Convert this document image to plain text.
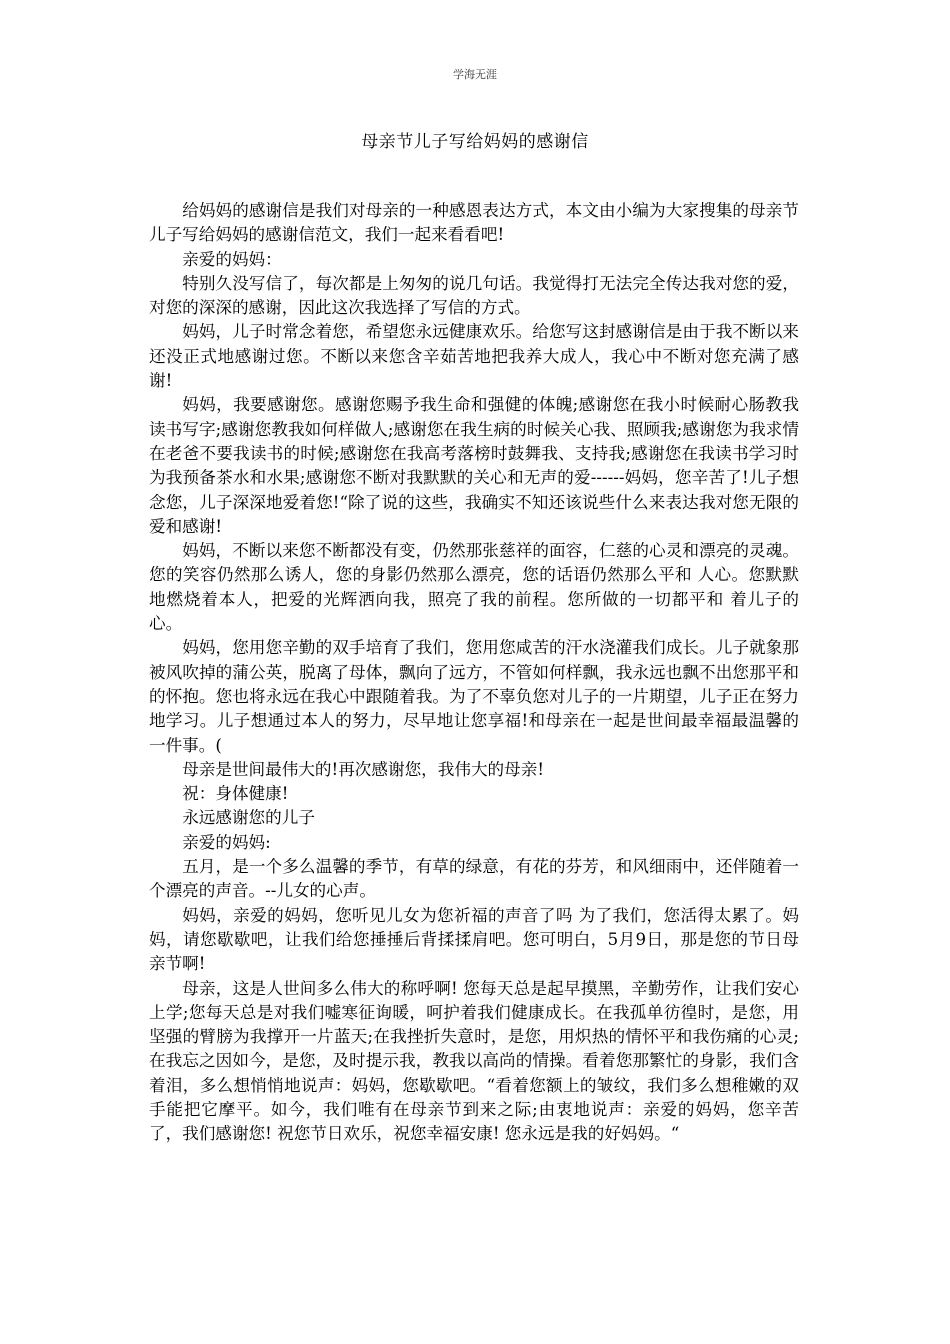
学海无涯
母亲节儿子写给妈妈的感谢信

给妈妈的感谢信是我们对母亲的一种感恩表达方式，本文由小编为大家搜集的母亲节儿子写给妈妈的感谢信范文，我们一起来看看吧!

亲爱的妈妈：

特别久没写信了，每次都是上匆匆的说几句话。我觉得打无法完全传达我对您的爱，对您的深深的感谢，因此这次我选择了写信的方式。

妈妈，儿子时常念着您，希望您永远健康欢乐。给您写这封感谢信是由于我不断以来还没正式地感谢过您。不断以来您含辛茹苦地把我养大成人，我心中不断对您充满了感谢!

妈妈，我要感谢您。感谢您赐予我生命和强健的体魄;感谢您在我小时候耐心肠教我读书写字;感谢您教我如何样做人;感谢您在我生病的时候关心我、照顾我;感谢您为我求情在老爸不要我读书的时候;感谢您在我高考落榜时鼓舞我、支持我;感谢您在我读书学习时为我预备茶水和水果;感谢您不断对我默默的关心和无声的爱------妈妈，您辛苦了!儿子想念您，儿子深深地爱着您!“除了说的这些，我确实不知还该说些什么来表达我对您无限的爱和感谢!

妈妈，不断以来您不断都没有变，仍然那张慈祥的面容，仁慈的心灵和漂亮的灵魂。您的笑容仍然那么诱人，您的身影仍然那么漂亮，您的话语仍然那么平和 人心。您默默地燃烧着本人，把爱的光辉洒向我，照亮了我的前程。您所做的一切都平和 着儿子的心。

妈妈，您用您辛勤的双手培育了我们，您用您咸苦的汗水浇灌我们成长。儿子就象那被风吹掉的蒲公英，脱离了母体，飘向了远方，不管如何样飘，我永远也飘不出您那平和 的怀抱。您也将永远在我心中跟随着我。为了不辜负您对儿子的一片期望，儿子正在努力地学习。儿子想通过本人的努力，尽早地让您享福!和母亲在一起是世间最幸福最温馨的一件事。(

母亲是世间最伟大的!再次感谢您，我伟大的母亲!

祝：身体健康!

永远感谢您的儿子

亲爱的妈妈:

五月，是一个多么温馨的季节，有草的绿意，有花的芬芳，和风细雨中，还伴随着一个漂亮的声音。--儿女的心声。

妈妈，亲爱的妈妈，您听见儿女为您祈福的声音了吗 为了我们，您活得太累了。妈妈，请您歇歇吧，让我们给您捶捶后背揉揉肩吧。您可明白，5月9日，那是您的节日母亲节啊!

母亲，这是人世间多么伟大的称呼啊! 您每天总是起早摸黑，辛勤劳作，让我们安心上学;您每天总是对我们嘘寒征询暖，呵护着我们健康成长。在我孤单彷徨时，是您，用坚强的臂膀为我撑开一片蓝天;在我挫折失意时，是您，用炽热的情怀平和我伤痛的心灵;在我忘之因如今，是您，及时提示我，教我以高尚的情操。看着您那繁忙的身影，我们含着泪，多么想悄悄地说声：妈妈，您歇歇吧。“看着您额上的皱纹，我们多么想稚嫩的双手能把它摩平。如今，我们唯有在母亲节到来之际;由衷地说声：亲爱的妈妈，您辛苦了，我们感谢您! 祝您节日欢乐，祝您幸福安康! 您永远是我的好妈妈。“
